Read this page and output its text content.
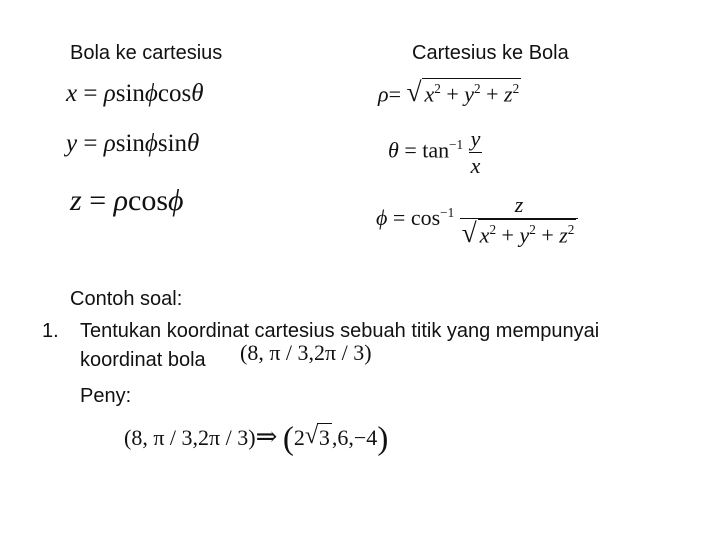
Bola ke cartesius	Cartesius ke Bola
x = ρsinϕcosθ
y = ρsinϕsinθ
z = ρcosϕ
ρ= √ $x^2 + y^2 + z^2$
$\theta = \tan^{-1} \frac{y}{x}$
$\phi = \cos^{-1} \frac{z}{√ x^2 + y^2 + z^2}$
Contoh soal:
1. Tentukan koordinat cartesius sebuah titik yang mempunyai
koordinat bola (8, π / 3,2π / 3)
Peny:
(8, π / 3,2π / 3)⇒ (2 √ 3,6,−4)
